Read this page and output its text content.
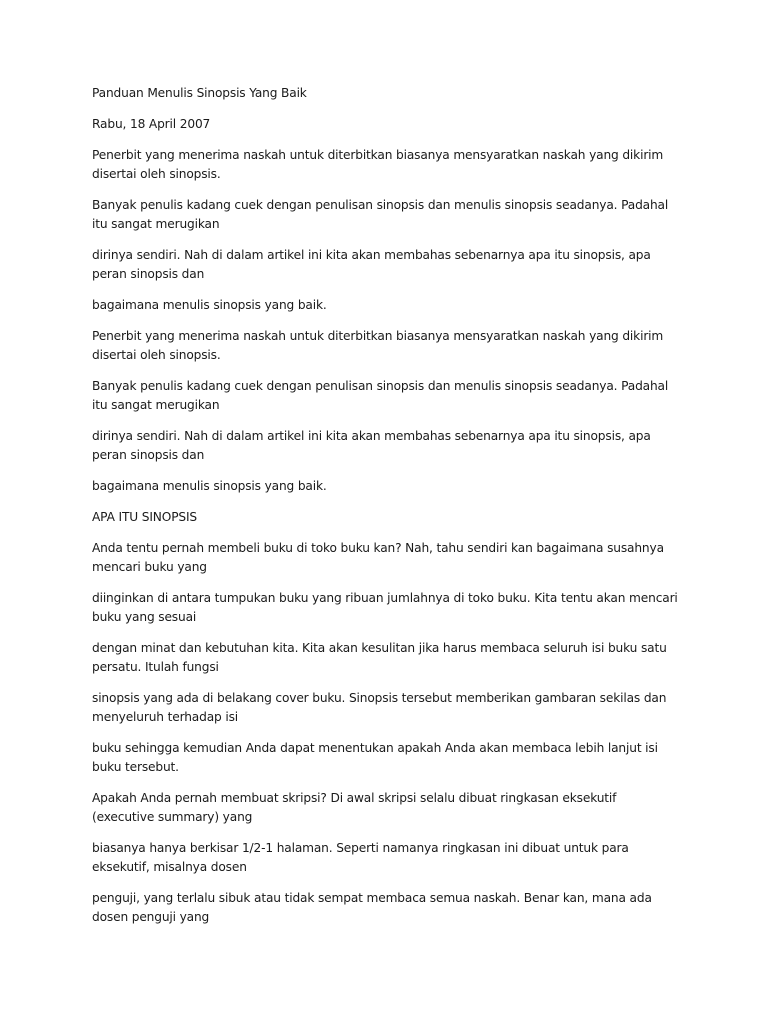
Panduan Menulis Sinopsis Yang Baik

Rabu, 18 April 2007

Penerbit yang menerima naskah untuk diterbitkan biasanya mensyaratkan naskah yang dikirim disertai oleh sinopsis.

Banyak penulis kadang cuek dengan penulisan sinopsis dan menulis sinopsis seadanya. Padahal itu sangat merugikan

dirinya sendiri. Nah di dalam artikel ini kita akan membahas sebenarnya apa itu sinopsis, apa peran sinopsis dan

bagaimana menulis sinopsis yang baik.

Penerbit yang menerima naskah untuk diterbitkan biasanya mensyaratkan naskah yang dikirim disertai oleh sinopsis.

Banyak penulis kadang cuek dengan penulisan sinopsis dan menulis sinopsis seadanya. Padahal itu sangat merugikan

dirinya sendiri. Nah di dalam artikel ini kita akan membahas sebenarnya apa itu sinopsis, apa peran sinopsis dan

bagaimana menulis sinopsis yang baik.

APA ITU SINOPSIS

Anda tentu pernah membeli buku di toko buku kan? Nah, tahu sendiri kan bagaimana susahnya mencari buku yang

diinginkan di antara tumpukan buku yang ribuan jumlahnya di toko buku. Kita tentu akan mencari buku yang sesuai

dengan minat dan kebutuhan kita. Kita akan kesulitan jika harus membaca seluruh isi buku satu persatu. Itulah fungsi

sinopsis yang ada di belakang cover buku. Sinopsis tersebut memberikan gambaran sekilas dan menyeluruh terhadap isi

buku sehingga kemudian Anda dapat menentukan apakah Anda akan membaca lebih lanjut isi buku tersebut.

Apakah Anda pernah membuat skripsi? Di awal skripsi selalu dibuat ringkasan eksekutif (executive summary) yang

biasanya hanya berkisar 1/2-1 halaman. Seperti namanya ringkasan ini dibuat untuk para eksekutif, misalnya dosen

penguji, yang terlalu sibuk atau tidak sempat membaca semua naskah. Benar kan, mana ada dosen penguji yang
